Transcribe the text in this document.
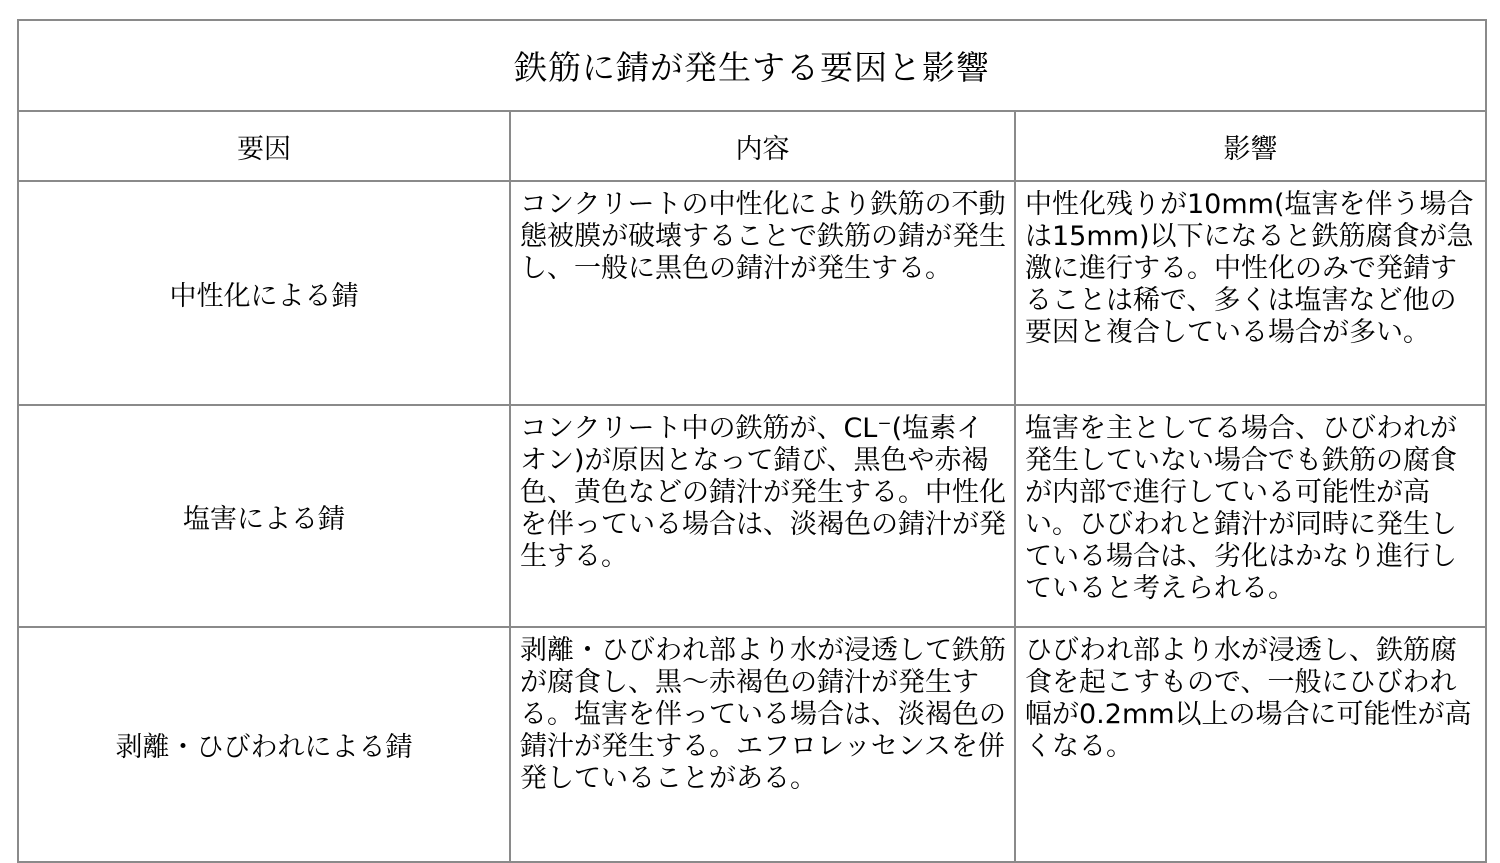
鉄筋に錆が発生する要因と影響		
要因	内容	影響
中性化による錆	コンクリートの中性化により鉄筋の不動態被膜が破壊することで鉄筋の錆が発生し、一般に黒色の錆汁が発生する。	中性化残りが10mm(塩害を伴う場合は15mm)以下になると鉄筋腐食が急激に進行する。中性化のみで発錆することは稀で、多くは塩害など他の要因と複合している場合が多い。
塩害による錆	コンクリート中の鉄筋が、CL⁻(塩素イオン)が原因となって錆び、黒色や赤褐色、黄色などの錆汁が発生する。中性化を伴っている場合は、淡褐色の錆汁が発生する。	塩害を主としてる場合、ひびわれが発生していない場合でも鉄筋の腐食が内部で進行している可能性が高い。ひびわれと錆汁が同時に発生している場合は、劣化はかなり進行していると考えられる。
剥離・ひびわれによる錆	剥離・ひびわれ部より水が浸透して鉄筋が腐食し、黒～赤褐色の錆汁が発生する。塩害を伴っている場合は、淡褐色の錆汁が発生する。エフロレッセンスを併発していることがある。	ひびわれ部より水が浸透し、鉄筋腐食を起こすもので、一般にひびわれ幅が0.2mm以上の場合に可能性が高くなる。
